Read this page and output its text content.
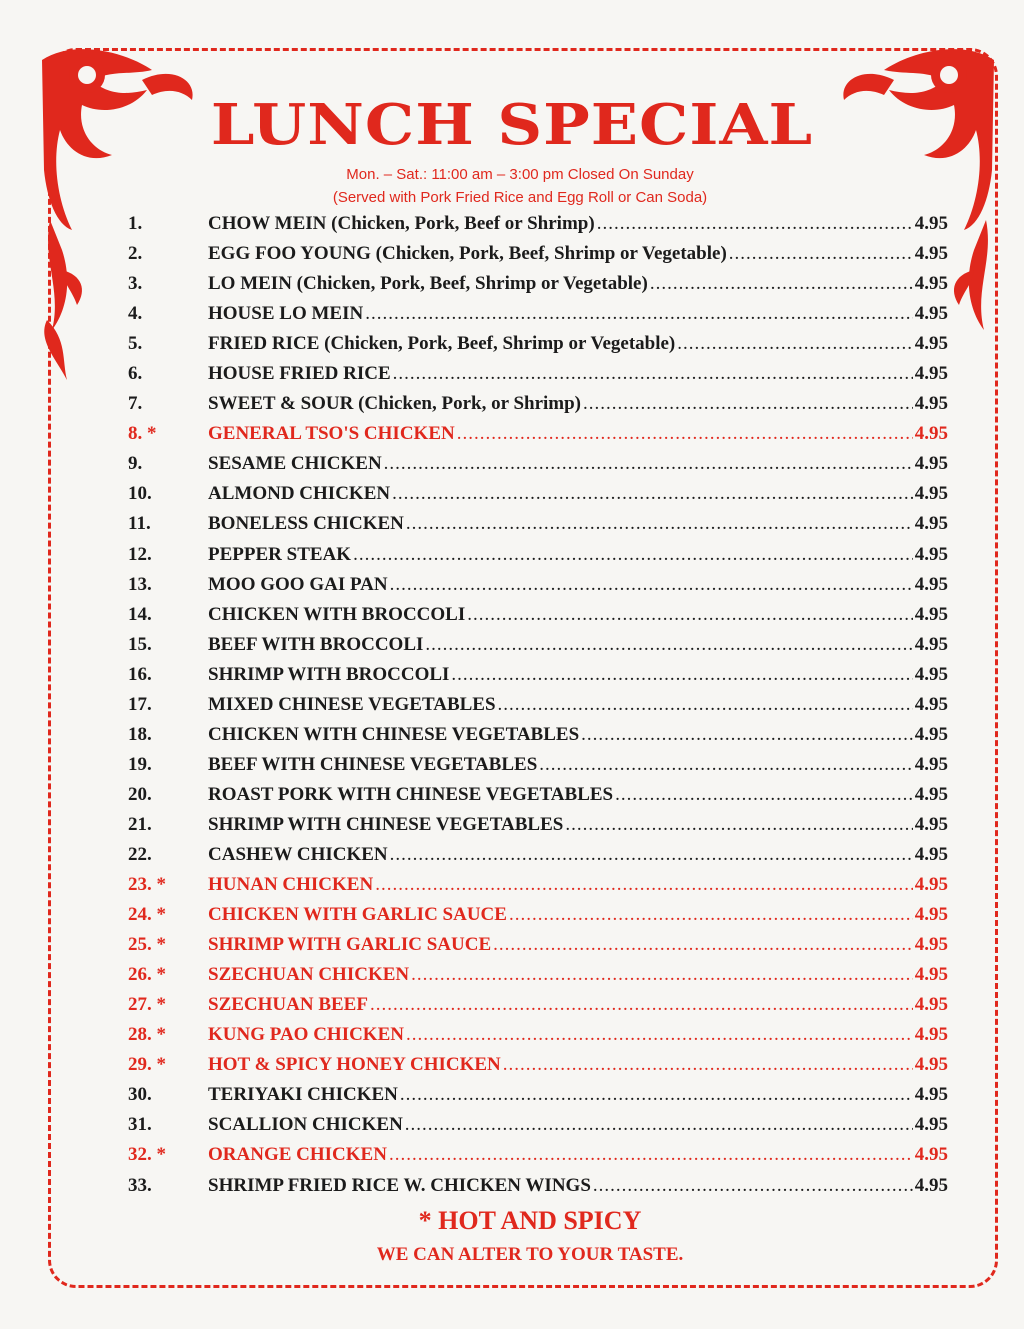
LUNCH SPECIAL
Mon. – Sat.: 11:00 am – 3:00 pm Closed On Sunday
(Served with Pork Fried Rice and Egg Roll or Can Soda)
1.	CHOW MEIN (Chicken, Pork, Beef or Shrimp) .....	4.95
2.	EGG FOO YOUNG (Chicken, Pork, Beef, Shrimp or Vegetable) .....	4.95
3.	LO MEIN (Chicken, Pork, Beef, Shrimp or Vegetable) .....	4.95
4.	HOUSE LO MEIN .....	4.95
5.	FRIED RICE (Chicken, Pork, Beef, Shrimp or Vegetable) .....	4.95
6.	HOUSE FRIED RICE .....	4.95
7.	SWEET & SOUR (Chicken, Pork, or Shrimp) .....	4.95
8. *	GENERAL TSO'S CHICKEN .....	4.95
9.	SESAME CHICKEN .....	4.95
10.	ALMOND CHICKEN .....	4.95
11.	BONELESS CHICKEN .....	4.95
12.	PEPPER STEAK .....	4.95
13.	MOO GOO GAI PAN .....	4.95
14.	CHICKEN WITH BROCCOLI .....	4.95
15.	BEEF WITH BROCCOLI .....	4.95
16.	SHRIMP WITH BROCCOLI .....	4.95
17.	MIXED CHINESE VEGETABLES .....	4.95
18.	CHICKEN WITH CHINESE VEGETABLES .....	4.95
19.	BEEF WITH CHINESE VEGETABLES .....	4.95
20.	ROAST PORK WITH CHINESE VEGETABLES .....	4.95
21.	SHRIMP WITH CHINESE VEGETABLES .....	4.95
22.	CASHEW CHICKEN .....	4.95
23. *	HUNAN CHICKEN .....	4.95
24. *	CHICKEN WITH GARLIC SAUCE .....	4.95
25. *	SHRIMP WITH GARLIC SAUCE .....	4.95
26. *	SZECHUAN CHICKEN .....	4.95
27. *	SZECHUAN BEEF .....	4.95
28. *	KUNG PAO CHICKEN .....	4.95
29. *	HOT & SPICY HONEY CHICKEN .....	4.95
30.	TERIYAKI CHICKEN .....	4.95
31.	SCALLION CHICKEN .....	4.95
32. *	ORANGE CHICKEN .....	4.95
33.	SHRIMP FRIED RICE W. CHICKEN WINGS .....	4.95
* HOT AND SPICY
WE CAN ALTER TO YOUR TASTE.
